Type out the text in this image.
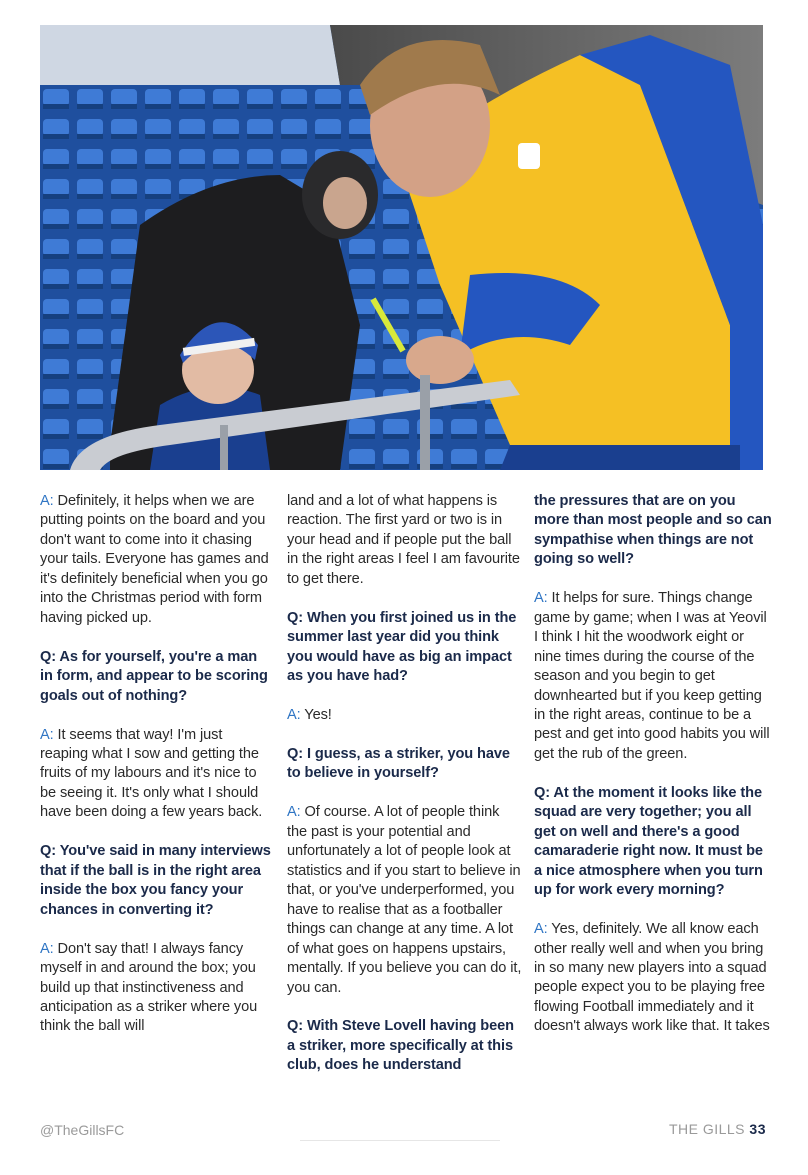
A: Definitely, it helps when we are putting points on the board and you don't want to come into it chasing your tails. Everyone has games and it's definitely beneficial when you go into the Christmas period with form having picked up.

Q: As for yourself, you're a man in form, and appear to be scoring goals out of nothing?

A: It seems that way! I'm just reaping what I sow and getting the fruits of my labours and it's nice to be seeing it. It's only what I should have been doing a few years back.

Q: You've said in many interviews that if the ball is in the right area inside the box you fancy your chances in converting it?

A: Don't say that! I always fancy myself in and around the box; you build up that instinctiveness and anticipation as a striker where you think the ball will

land and a lot of what happens is reaction. The first yard or two is in your head and if people put the ball in the right areas I feel I am favourite to get there.

Q: When you first joined us in the summer last year did you think you would have as big an impact as you have had?

A: Yes!

Q: I guess, as a striker, you have to believe in yourself?

A: Of course. A lot of people think the past is your potential and unfortunately a lot of people look at statistics and if you start to believe in that, or you've underperformed, you have to realise that as a footballer things can change at any time. A lot of what goes on happens upstairs, mentally. If you believe you can do it, you can.

Q: With Steve Lovell having been a striker, more specifically at this club, does he understand

the pressures that are on you more than most people and so can sympathise when things are not going so well?

A: It helps for sure. Things change game by game; when I was at Yeovil I think I hit the woodwork eight or nine times during the course of the season and you begin to get downhearted but if you keep getting in the right areas, continue to be a pest and get into good habits you will get the rub of the green.

Q: At the moment it looks like the squad are very together; you all get on well and there's a good camaraderie right now. It must be a nice atmosphere when you turn up for work every morning?

A: Yes, definitely. We all know each other really well and when you bring in so many new players into a squad people expect you to be playing free flowing Football immediately and it doesn't always work like that. It takes

@TheGillsFC	THE GILLS 33
